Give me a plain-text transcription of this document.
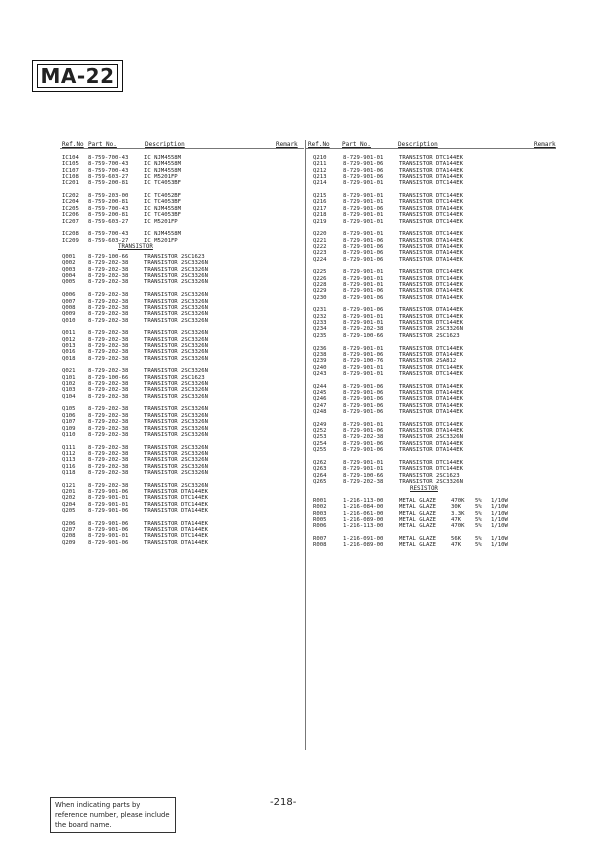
MA-22
Ref.No Part No.	Description	Remark Ref.No Part No.	Description	Remark
IC104 8-759-700-43	IC NJM4558M
IC105 8-759-700-43	IC NJM4558M
IC107 8-759-700-43	IC NJM4558M
IC108 8-759-603-27	IC M5201FP
IC201 8-759-200-81	IC TC4053BF
IC202 8-759-203-00	IC TC4052BF
IC204 8-759-200-81	IC TC4053BF
IC205 8-759-700-43	IC NJM4558M
IC206 8-759-200-81	IC TC4053BF
IC207 8-759-603-27	IC M5201FP
IC208 8-759-700-43	IC NJM4558M
IC209 8-759-603-27	IC M5201FP
TRANSISTOR
Q001 8-729-100-66	TRANSISTOR 2SC1623
Q002 8-729-202-38	TRANSISTOR 2SC3326N
Q003 8-729-202-38	TRANSISTOR 2SC3326N
Q004 8-729-202-38	TRANSISTOR 2SC3326N
Q005 8-729-202-38	TRANSISTOR 2SC3326N
Q006 8-729-202-38	TRANSISTOR 2SC3326N
Q007 8-729-202-38	TRANSISTOR 2SC3326N
Q008 8-729-202-38	TRANSISTOR 2SC3326N
Q009 8-729-202-38	TRANSISTOR 2SC3326N
Q010 8-729-202-38	TRANSISTOR 2SC3326N
Q011 8-729-202-38	TRANSISTOR 2SC3326N
Q012 8-729-202-38	TRANSISTOR 2SC3326N
Q013 8-729-202-38	TRANSISTOR 2SC3326N
Q016 8-729-202-38	TRANSISTOR 2SC3326N
Q018 8-729-202-38	TRANSISTOR 2SC3326N
Q021 8-729-202-38	TRANSISTOR 2SC3326N
Q101 8-729-100-66	TRANSISTOR 2SC1623
Q102 8-729-202-38	TRANSISTOR 2SC3326N
Q103 8-729-202-38	TRANSISTOR 2SC3326N
Q104 8-729-202-38	TRANSISTOR 2SC3326N
Q105 8-729-202-38	TRANSISTOR 2SC3326N
Q106 8-729-202-38	TRANSISTOR 2SC3326N
Q107 8-729-202-38	TRANSISTOR 2SC3326N
Q109 8-729-202-38	TRANSISTOR 2SC3326N
Q110 8-729-202-38	TRANSISTOR 2SC3326N
Q111 8-729-202-38	TRANSISTOR 2SC3326N
Q112 8-729-202-38	TRANSISTOR 2SC3326N
Q113 8-729-202-38	TRANSISTOR 2SC3326N
Q116 8-729-202-38	TRANSISTOR 2SC3326N
Q118 8-729-202-38	TRANSISTOR 2SC3326N
Q121 8-729-202-38	TRANSISTOR 2SC3326N
Q201 8-729-901-06	TRANSISTOR DTA144EK
Q202 8-729-901-01	TRANSISTOR DTC144EK
Q204 8-729-901-01	TRANSISTOR DTC144EK
Q205 8-729-901-06	TRANSISTOR DTA144EK
Q206 8-729-901-06	TRANSISTOR DTA144EK
Q207 8-729-901-06	TRANSISTOR DTA144EK
Q208 8-729-901-01	TRANSISTOR DTC144EK
Q209 8-729-901-06	TRANSISTOR DTA144EK
Q210	8-729-901-01	TRANSISTOR DTC144EK
Q211	8-729-901-06	TRANSISTOR DTA144EK
Q212	8-729-901-06	TRANSISTOR DTA144EK
Q213	8-729-901-06	TRANSISTOR DTA144EK
Q214	8-729-901-01	TRANSISTOR DTC144EK
Q215	8-729-901-01	TRANSISTOR DTC144EK
Q216	8-729-901-01	TRANSISTOR DTC144EK
Q217	8-729-901-06	TRANSISTOR DTA144EK
Q218	8-729-901-01	TRANSISTOR DTC144EK
Q219	8-729-901-01	TRANSISTOR DTC144EK
Q220	8-729-901-01	TRANSISTOR DTC144EK
Q221	8-729-901-06	TRANSISTOR DTA144EK
Q222	8-729-901-06	TRANSISTOR DTA144EK
Q223	8-729-901-06	TRANSISTOR DTA144EK
Q224	8-729-901-06	TRANSISTOR DTA144EK
Q225	8-729-901-01	TRANSISTOR DTC144EK
Q226	8-729-901-01	TRANSISTOR DTC144EK
Q228	8-729-901-01	TRANSISTOR DTC144EK
Q229	8-729-901-06	TRANSISTOR DTA144EK
Q230	8-729-901-06	TRANSISTOR DTA144EK
Q231	8-729-901-06	TRANSISTOR DTA144EK
Q232	8-729-901-01	TRANSISTOR DTC144EK
Q233	8-729-901-01	TRANSISTOR DTC144EK
Q234	8-729-202-38	TRANSISTOR 2SC3326N
Q235	8-729-100-66	TRANSISTOR 2SC1623
Q236	8-729-901-01	TRANSISTOR DTC144EK
Q238	8-729-901-06	TRANSISTOR DTA144EK
Q239	8-729-100-76	TRANSISTOR 2SA812
Q240	8-729-901-01	TRANSISTOR DTC144EK
Q243	8-729-901-01	TRANSISTOR DTC144EK
Q244	8-729-901-06	TRANSISTOR DTA144EK
Q245	8-729-901-06	TRANSISTOR DTA144EK
Q246	8-729-901-06	TRANSISTOR DTA144EK
Q247	8-729-901-06	TRANSISTOR DTA144EK
Q248	8-729-901-06	TRANSISTOR DTA144EK
Q249	8-729-901-01	TRANSISTOR DTC144EK
Q252	8-729-901-06	TRANSISTOR DTA144EK
Q253	8-729-202-38	TRANSISTOR 2SC3326N
Q254	8-729-901-06	TRANSISTOR DTA144EK
Q255	8-729-901-06	TRANSISTOR DTA144EK
Q262	8-729-901-01	TRANSISTOR DTC144EK
Q263	8-729-901-01	TRANSISTOR DTC144EK
Q264	8-729-100-66	TRANSISTOR 2SC1623
Q265	8-729-202-38	TRANSISTOR 2SC3326N
RESISTOR
R001	1-216-113-00	METAL GLAZE	470K 5% 1/10W
R002	1-216-084-00	METAL GLAZE	30K 5% 1/10W
R003	1-216-061-00	METAL GLAZE	3.3K 5% 1/10W
R005	1-216-089-00	METAL GLAZE	47K 5% 1/10W
R006	1-216-113-00	METAL GLAZE	470K 5% 1/10W
R007	1-216-091-00	METAL GLAZE	56K 5% 1/10W
R008	1-216-089-00	METAL GLAZE	47K 5% 1/10W
When indicating parts by reference number, please include the board name.
-218-
